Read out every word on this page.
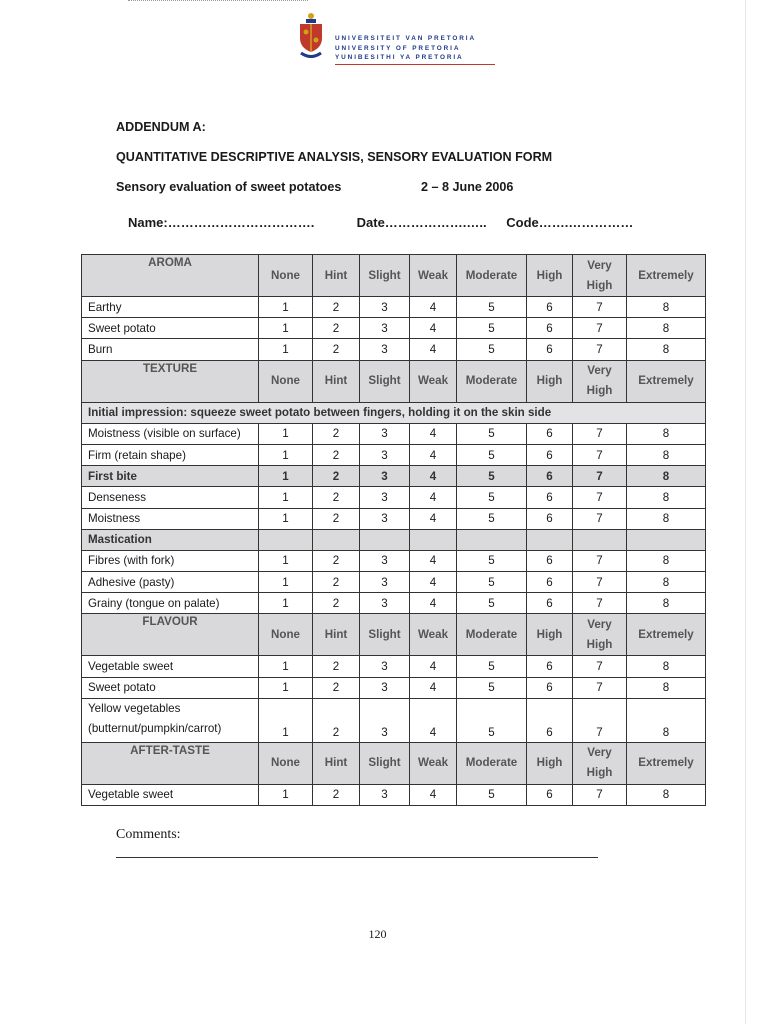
UNIVERSITEIT VAN PRETORIA
UNIVERSITY OF PRETORIA
YUNIBESITHI YA PRETORIA
ADDENDUM A:
QUANTITATIVE DESCRIPTIVE ANALYSIS, SENSORY EVALUATION FORM
Sensory evaluation of sweet potatoes	2 – 8 June 2006
Name:…………………………….	Date……………….….. Code…….……………
AROMA	None	Hint	Slight	Weak	Moderate	High	Very High	Extremely
Earthy	1	2	3	4	5	6	7	8
Sweet potato	1	2	3	4	5	6	7	8
Burn	1	2	3	4	5	6	7	8

TEXTURE	None	Hint	Slight	Weak	Moderate	High	Very High	Extremely
Initial impression: squeeze sweet potato between fingers, holding it on the skin side								
Moistness (visible on surface)	1	2	3	4	5	6	7	8
Firm (retain shape)	1	2	3	4	5	6	7	8
First bite	1	2	3	4	5	6	7	8
Denseness	1	2	3	4	5	6	7	8
Moistness	1	2	3	4	5	6	7	8
Mastication								
Fibres (with fork)	1	2	3	4	5	6	7	8
Adhesive (pasty)	1	2	3	4	5	6	7	8
Grainy (tongue on palate)	1	2	3	4	5	6	7	8

FLAVOUR	None	Hint	Slight	Weak	Moderate	High	Very High	Extremely
Vegetable sweet	1	2	3	4	5	6	7	8
Sweet potato	1	2	3	4	5	6	7	8

Yellow vegetables
(butternut/pumpkin/carrot)	1	2	3	4	5	6	7	8

AFTER-TASTE	None	Hint	Slight	Weak	Moderate	High	Very High	Extremely
Vegetable sweet	1	2	3	4	5	6	7	8
Comments:
120
